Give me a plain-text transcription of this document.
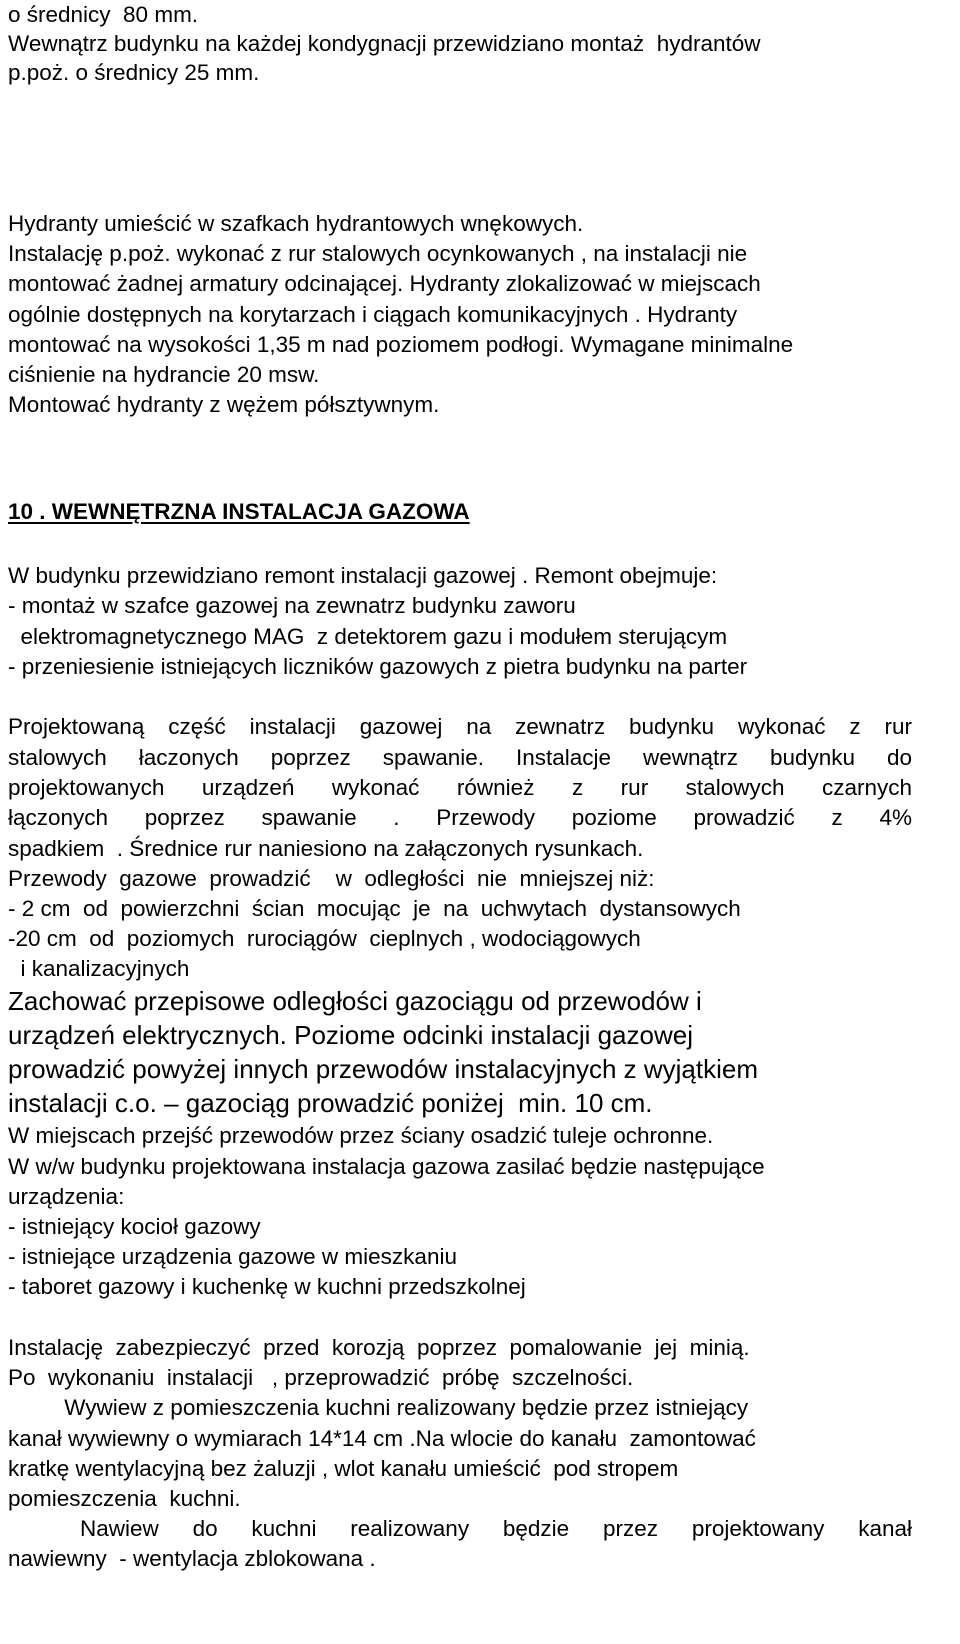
o średnicy  80 mm.
Wewnątrz budynku na każdej kondygnacji przewidziano montaż  hydrantów
p.poż. o średnicy 25 mm.
Hydranty umieścić w szafkach hydrantowych wnękowych.
Instalację p.poż. wykonać z rur stalowych ocynkowanych , na instalacji nie
montować żadnej armatury odcinającej. Hydranty zlokalizować w miejscach
ogólnie dostępnych na korytarzach i ciągach komunikacyjnych . Hydranty
montować na wysokości 1,35 m nad poziomem podłogi. Wymagane minimalne
ciśnienie na hydrancie 20 msw.
Montować hydranty z wężem półsztywnym.
10 . WEWNĘTRZNA INSTALACJA GAZOWA
W budynku przewidziano remont instalacji gazowej . Remont obejmuje:
- montaż w szafce gazowej na zewnatrz budynku zaworu
elektromagnetycznego MAG  z detektorem gazu i modułem sterującym
- przeniesienie istniejących liczników gazowych z pietra budynku na parter
Projektowaną część instalacji gazowej na zewnatrz budynku wykonać z rur
stalowych łaczonych poprzez spawanie. Instalacje wewnątrz budynku do
projektowanych urządzeń wykonać również z rur stalowych czarnych
łączonych poprzez spawanie . Przewody poziome prowadzić z 4%
spadkiem  . Średnice rur naniesiono na załączonych rysunkach.
Przewody  gazowe  prowadzić    w  odległości  nie  mniejszej niż:
- 2 cm  od  powierzchni  ścian  mocując  je  na  uchwytach  dystansowych
-20 cm  od  poziomych  rurociągów  cieplnych , wodociągowych
i kanalizacyjnych
Zachować przepisowe odległości gazociągu od przewodów i
urządzeń elektrycznych. Poziome odcinki instalacji gazowej
prowadzić powyżej innych przewodów instalacyjnych z wyjątkiem
instalacji c.o. – gazociąg prowadzić poniżej  min. 10 cm.
W miejscach przejść przewodów przez ściany osadzić tuleje ochronne.
W w/w budynku projektowana instalacja gazowa zasilać będzie następujące
urządzenia:
- istniejący kocioł gazowy
- istniejące urządzenia gazowe w mieszkaniu
- taboret gazowy i kuchenkę w kuchni przedszkolnej
Instalację  zabezpieczyć  przed  korozją  poprzez  pomalowanie  jej  minią.
Po  wykonaniu  instalacji   , przeprowadzić  próbę  szczelności.
Wywiew z pomieszczenia kuchni realizowany będzie przez istniejący
kanał wywiewny o wymiarach 14*14 cm .Na wlocie do kanału  zamontować
kratkę wentylacyjną bez żaluzji , wlot kanału umieścić  pod stropem
pomieszczenia  kuchni.
Nawiew do kuchni realizowany będzie przez projektowany kanał
nawiewny  - wentylacja zblokowana .
